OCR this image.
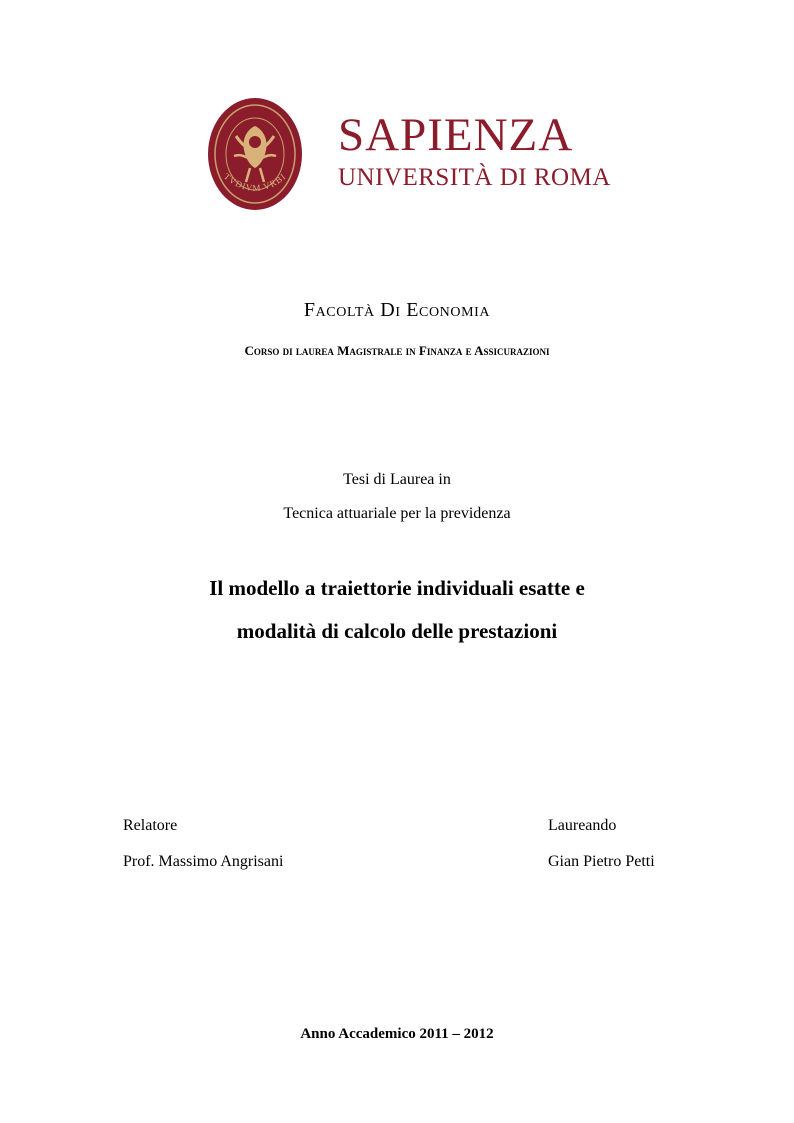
TVDIVM VRBI
SAPIENZA
UNIVERSITÀ DI ROMA
Facoltà Di Economia
Corso di laurea Magistrale in Finanza e Assicurazioni
Tesi di Laurea in
Tecnica attuariale per la previdenza
Il modello a traiettorie individuali esatte e
modalità di calcolo delle prestazioni
Relatore
Prof. Massimo Angrisani
Laureando
Gian Pietro Petti
Anno Accademico 2011 – 2012
